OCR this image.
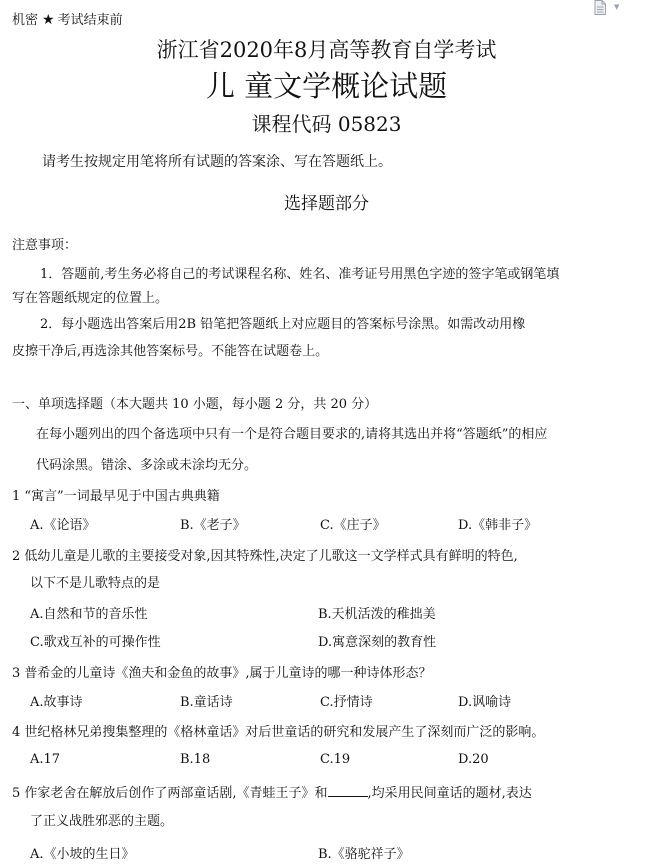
▼
机密 ★ 考试结束前
浙江省2020年8月高等教育自学考试
儿 童文学概论试题
课程代码 05823
请考生按规定用笔将所有试题的答案涂、写在答题纸上。
选择题部分
注意事项：
1．答题前,考生务必将自己的考试课程名称、姓名、准考证号用黑色字迹的签字笔或钢笔填
写在答题纸规定的位置上。
2．每小题选出答案后用2B 铅笔把答题纸上对应题目的答案标号涂黑。如需改动用橡
皮擦干净后,再选涂其他答案标号。不能答在试题卷上。
一、单项选择题（本大题共 10 小题，每小题 2 分，共 20 分）
在每小题列出的四个备选项中只有一个是符合题目要求的,请将其选出并将“答题纸”的相应
代码涂黑。错涂、多涂或未涂均无分。
1 “寓言”一词最早见于中国古典典籍
A.《论语》	B.《老子》	C.《庄子》	D.《韩非子》
2 低幼儿童是儿歌的主要接受对象,因其特殊性,决定了儿歌这一文学样式具有鲜明的特色,
以下不是儿歌特点的是
A.自然和节的音乐性	B.天机活泼的稚拙美
C.歌戏互补的可操作性	D.寓意深刻的教育性
3 普希金的儿童诗《渔夫和金鱼的故事》,属于儿童诗的哪一种诗体形态？
A.故事诗	B.童话诗	C.抒情诗	D.讽喻诗
4 世纪格林兄弟搜集整理的《格林童话》对后世童话的研究和发展产生了深刻而广泛的影响。
A.17	B.18	C.19	D.20
5 作家老舍在解放后创作了两部童话剧,《青蛙王子》和	,均采用民间童话的题材,表达
了正义战胜邪恶的主题。
A.《小坡的生日》	B.《骆驼祥子》
